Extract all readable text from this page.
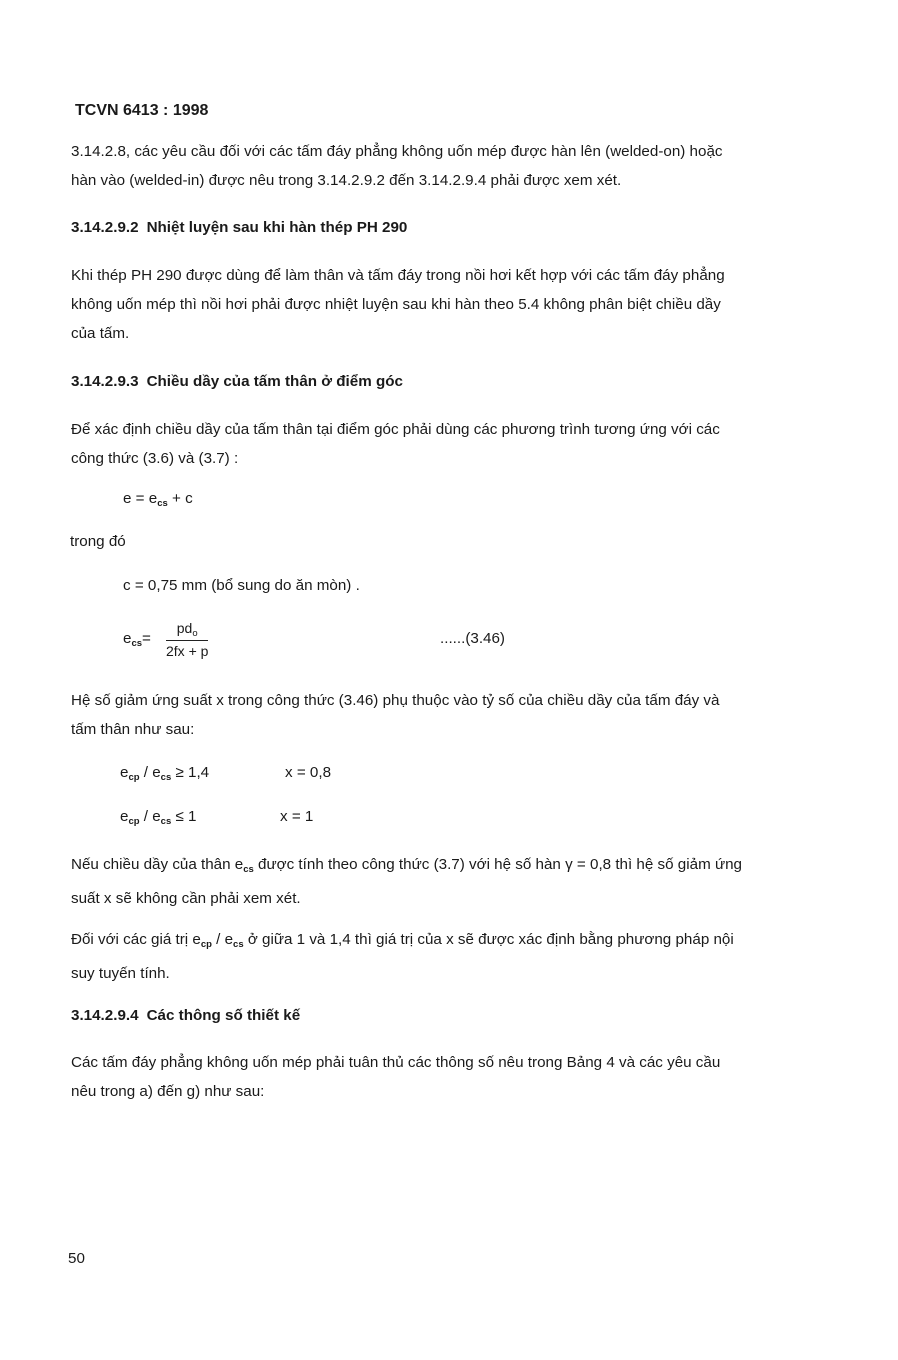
TCVN 6413 : 1998
3.14.2.8, các yêu cầu đối với các tấm đáy phẳng không uốn mép được hàn lên (welded-on) hoặc
hàn vào (welded-in) được nêu trong 3.14.2.9.2 đến 3.14.2.9.4 phải được xem xét.
3.14.2.9.2 Nhiệt luyện sau khi hàn thép PH 290
Khi thép PH 290 được dùng để làm thân và tấm đáy trong nồi hơi kết hợp với các tấm đáy phẳng
không uốn mép thì nồi hơi phải được nhiệt luyện sau khi hàn theo 5.4 không phân biệt chiều dầy
của tấm.
3.14.2.9.3 Chiều dầy của tấm thân ở điểm góc
Để xác định chiều dầy của tấm thân tại điểm góc phải dùng các phương trình tương ứng với các
công thức (3.6) và (3.7) :
$e = e_{cs} + c$
trong đó
c = 0,75 mm (bổ sung do ăn mòn) .
$e_{cs}=$
$pd_o$
2fx + p
......(3.46)
Hệ số giảm ứng suất x trong công thức (3.46) phụ thuộc vào tỷ số của chiều dầy của tấm đáy và
tấm thân như sau:
$e_{cp} / e_{cs} \ge 1,4$	x = 0,8
$e_{cp} / e_{cs} \le 1$	x = 1
Nếu chiều dầy của thân $e_{cs}$ được tính theo công thức (3.7) với hệ số hàn γ = 0,8 thì hệ số giảm ứng
suất x sẽ không cần phải xem xét.
Đối với các giá trị $e_{cp} / e_{cs}$ ở giữa 1 và 1,4 thì giá trị của x sẽ được xác định bằng phương pháp nội
suy tuyến tính.
3.14.2.9.4 Các thông số thiết kế
Các tấm đáy phẳng không uốn mép phải tuân thủ các thông số nêu trong Bảng 4 và các yêu cầu
nêu trong a) đến g) như sau:
50
